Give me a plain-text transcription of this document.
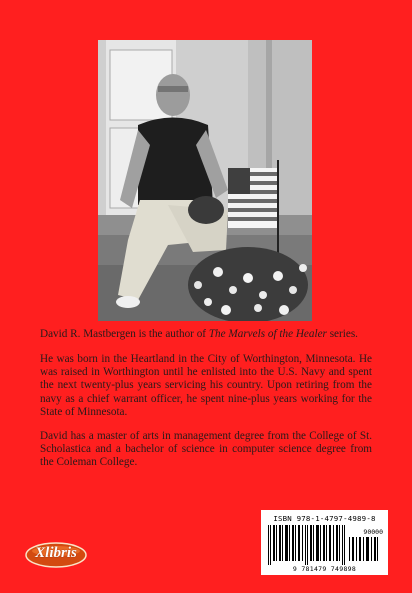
David R. Mastbergen is the author of The Marvels of the Healer series.
He was born in the Heartland in the City of Worthington, Minnesota. He was raised in Worthington until he enlisted into the U.S. Navy and spent the next twenty-plus years servicing his country. Upon retiring from the navy as a chief warrant officer, he spent nine-plus years working for the State of Minnesota.
David has a master of arts in management degree from the College of St. Scholastica and a bachelor of science in computer science degree from the Coleman College.
Xlibris
ISBN 978-1-4797-4989-8
90000
9 781479 749898
